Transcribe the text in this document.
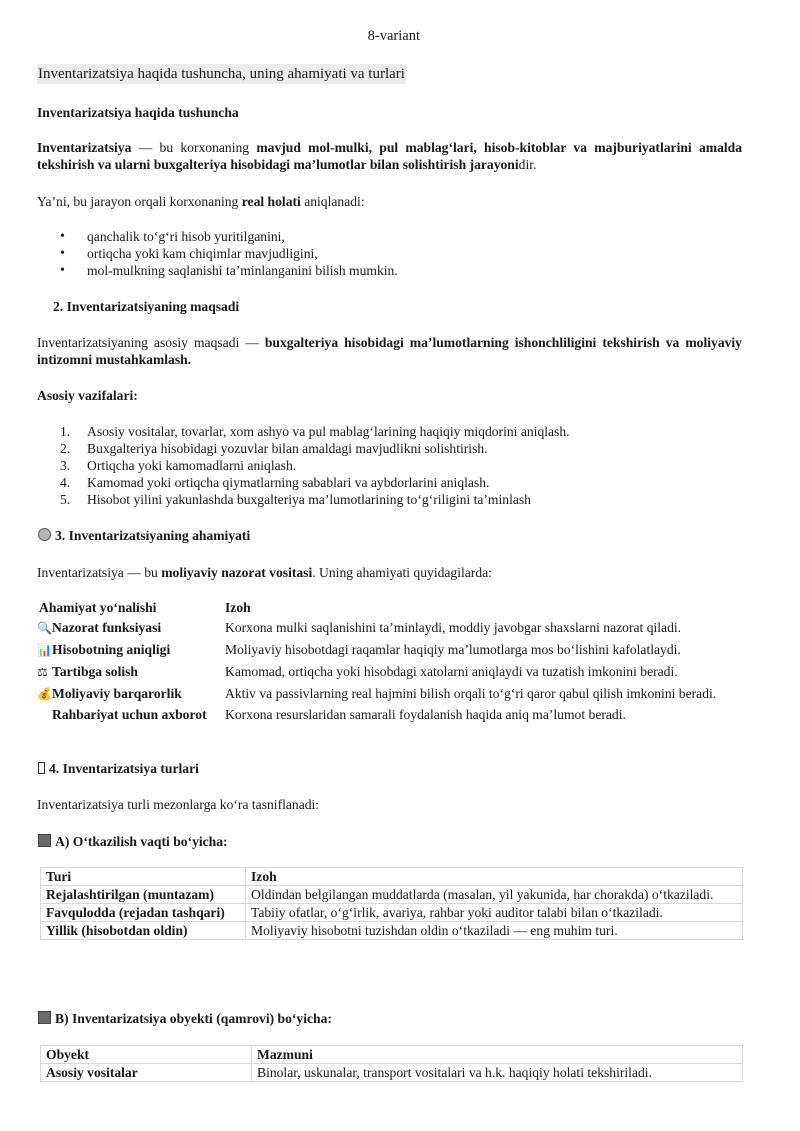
8-variant
Inventarizatsiya haqida tushuncha, uning ahamiyati va turlari
Inventarizatsiya haqida tushuncha
Inventarizatsiya — bu korxonaning mavjud mol-mulki, pul mablag‘lari, hisob-kitoblar va majburiyatlarini amalda tekshirish va ularni buxgalteriya hisobidagi ma’lumotlar bilan solishtirish jarayonidir.
Ya’ni, bu jarayon orqali korxonaning real holati aniqlanadi:
• qanchalik to‘g‘ri hisob yuritilganini,
• ortiqcha yoki kam chiqimlar mavjudligini,
• mol-mulkning saqlanishi ta’minlanganini bilish mumkin.
2. Inventarizatsiyaning maqsadi
Inventarizatsiyaning asosiy maqsadi — buxgalteriya hisobidagi ma’lumotlarning ishonchliligini tekshirish va moliyaviy intizomni mustahkamlash.
Asosiy vazifalari:
1.	Asosiy vositalar, tovarlar, xom ashyo va pul mablag‘larining haqiqiy miqdorini aniqlash.
2.	Buxgalteriya hisobidagi yozuvlar bilan amaldagi mavjudlikni solishtirish.
3.	Ortiqcha yoki kamomadlarni aniqlash.
4.	Kamomad yoki ortiqcha qiymatlarning sabablari va aybdorlarini aniqlash.
5.	Hisobot yilini yakunlashda buxgalteriya ma’lumotlarining to‘g‘riligini ta’minlash
3. Inventarizatsiyaning ahamiyati
Inventarizatsiya — bu moliyaviy nazorat vositasi. Uning ahamiyati quyidagilarda:
Ahamiyat yo‘nalishi	Izoh
🔍Nazorat funksiyasi	Korxona mulki saqlanishini ta’minlaydi, moddiy javobgar shaxslarni nazorat qiladi.
📊Hisobotning aniqligi	Moliyaviy hisobotdagi raqamlar haqiqiy ma’lumotlarga mos bo‘lishini kafolatlaydi.
⚖ Tartibga solish	Kamomad, ortiqcha yoki hisobdagi xatolarni aniqlaydi va tuzatish imkonini beradi.
💰Moliyaviy barqarorlik	Aktiv va passivlarning real hajmini bilish orqali to‘g‘ri qaror qabul qilish imkonini beradi.
Rahbariyat uchun axborot	Korxona resurslaridan samarali foydalanish haqida aniq ma’lumot beradi.
4. Inventarizatsiya turlari
Inventarizatsiya turli mezonlarga ko‘ra tasniflanadi:
A) O‘tkazilish vaqti bo‘yicha:
Turi	Izoh
Rejalashtirilgan (muntazam)	Oldindan belgilangan muddatlarda (masalan, yil yakunida, har chorakda) o‘tkaziladi.
Favqulodda (rejadan tashqari)	Tabiiy ofatlar, o‘g‘irlik, avariya, rahbar yoki auditor talabi bilan o‘tkaziladi.
Yillik (hisobotdan oldin)	Moliyaviy hisobotni tuzishdan oldin o‘tkaziladi — eng muhim turi.
B) Inventarizatsiya obyekti (qamrovi) bo‘yicha:
Obyekt	Mazmuni
Asosiy vositalar	Binolar, uskunalar, transport vositalari va h.k. haqiqiy holati tekshiriladi.
